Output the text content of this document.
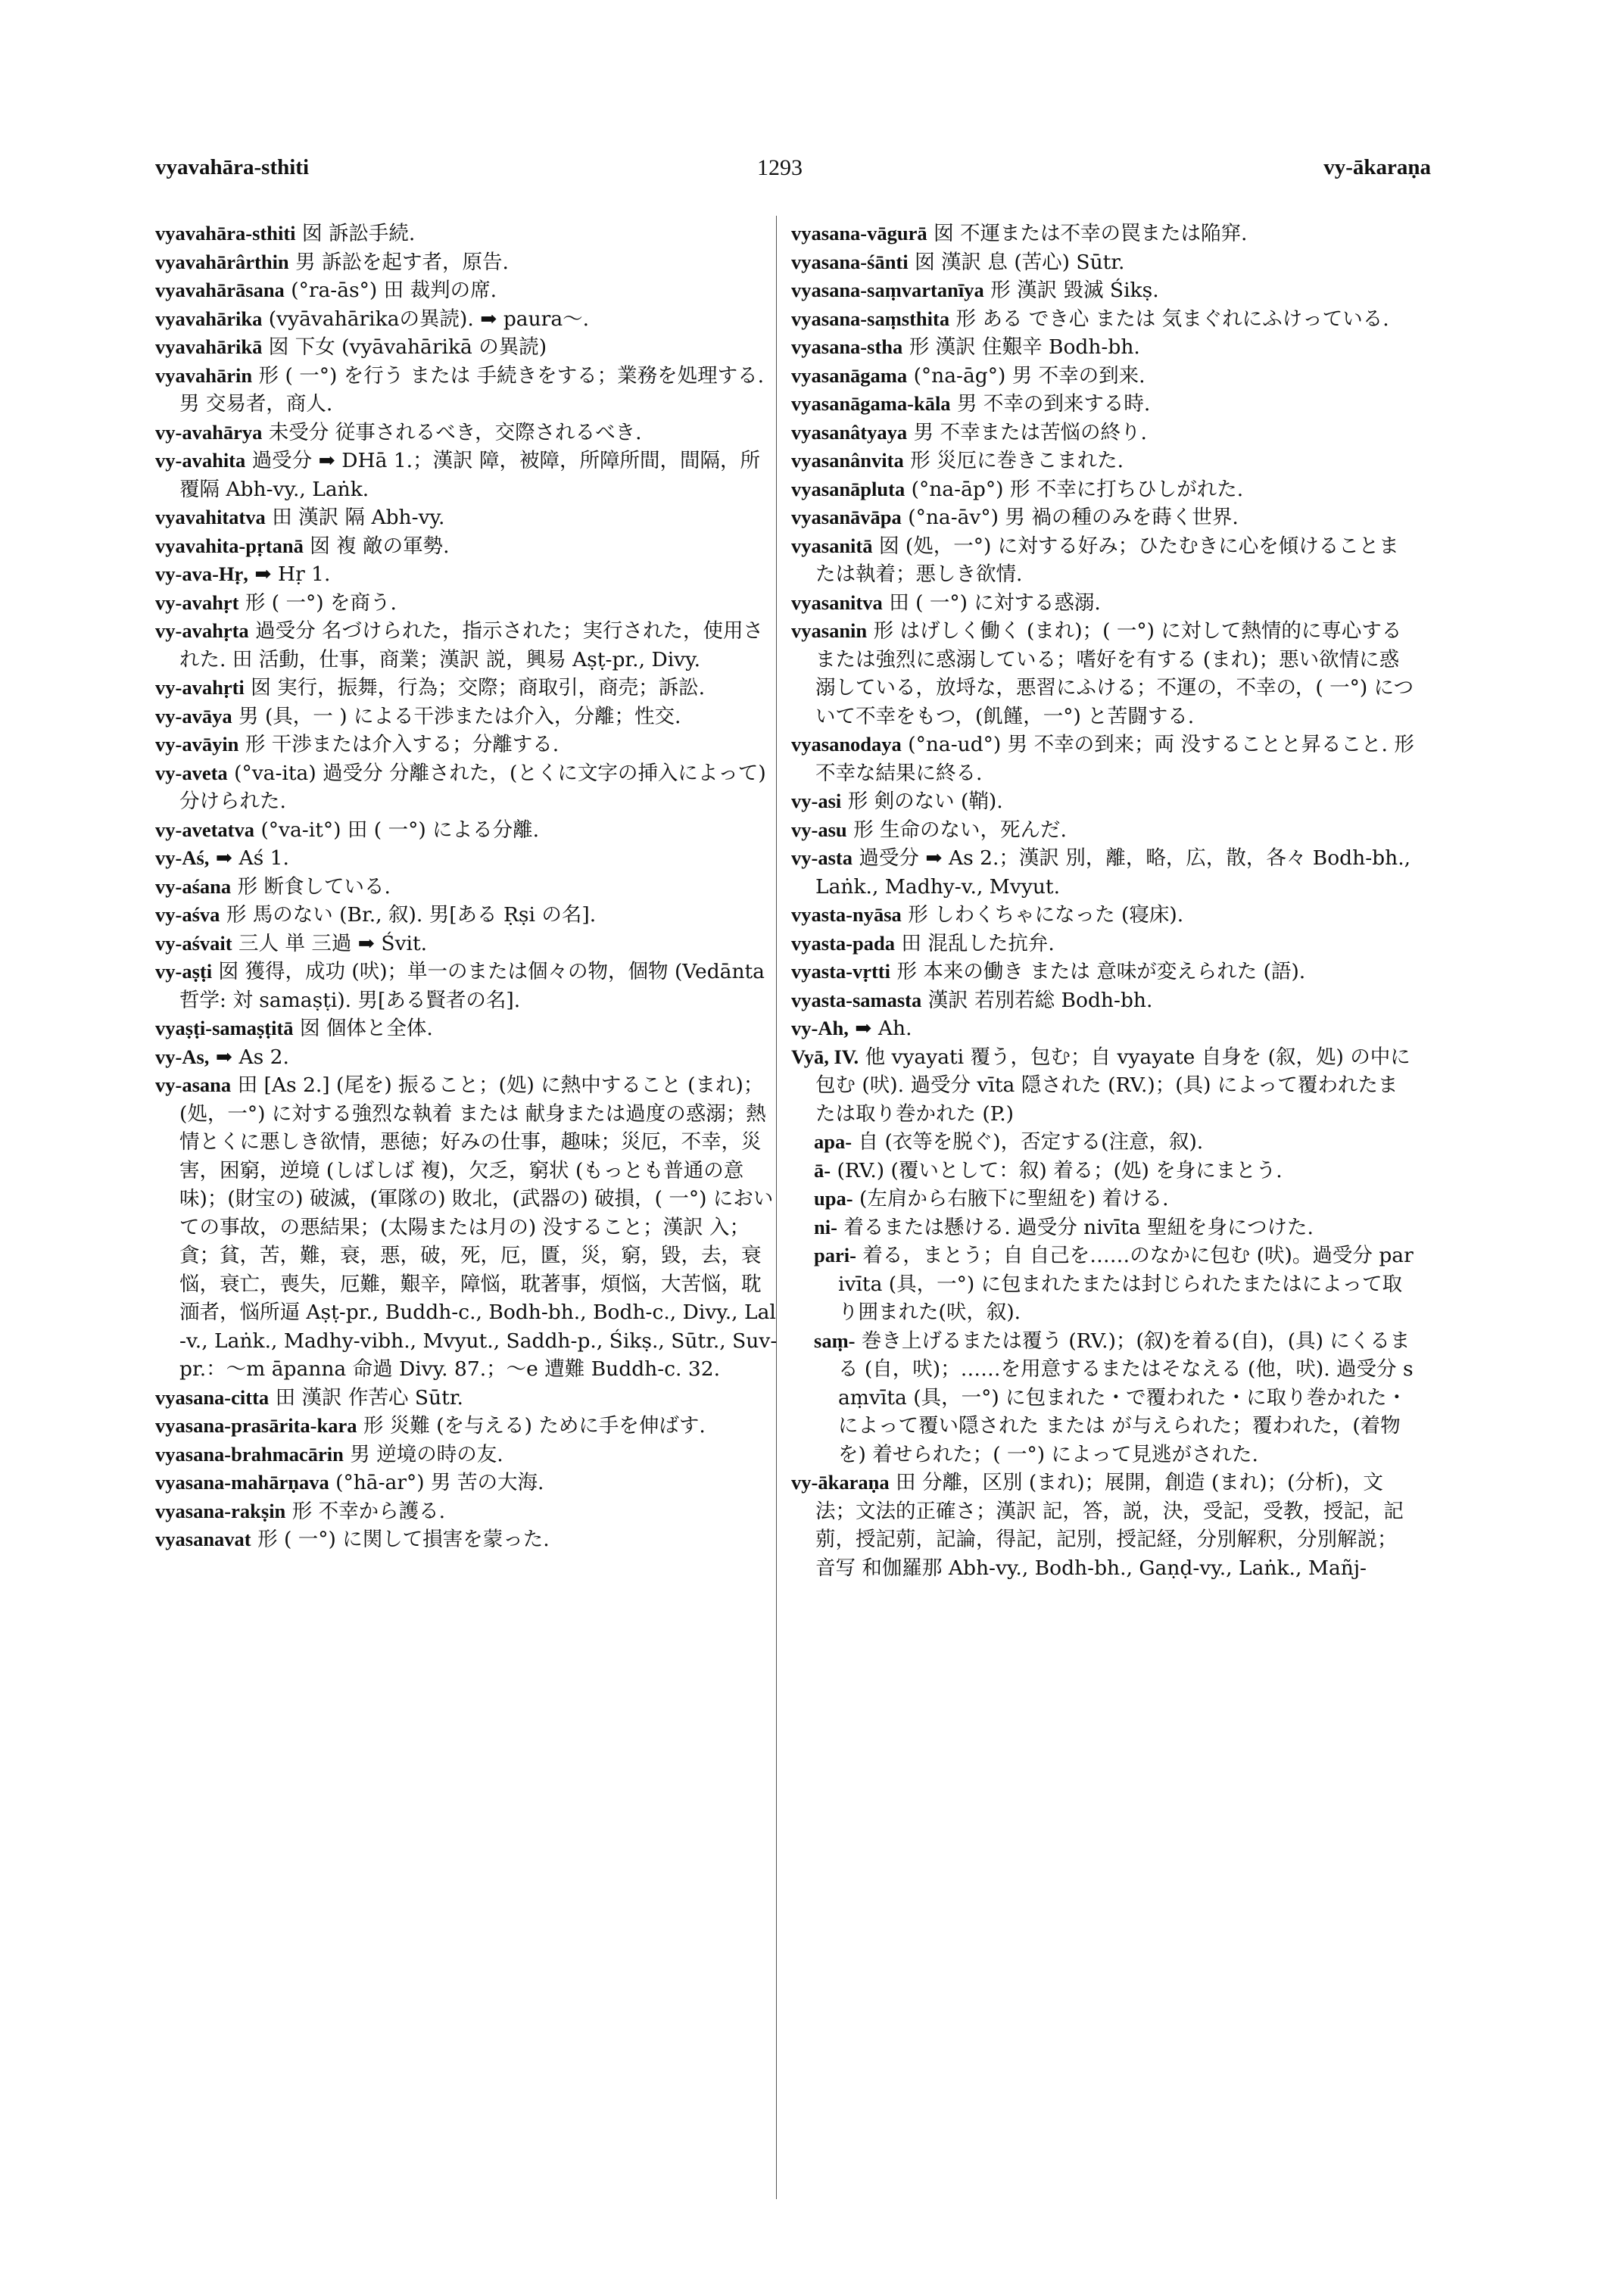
vyavahāra-sthiti	1293	vy-ākaraṇa

vyavahāra-sthiti 囡 訴訟手続.

vyavahārârthin 男 訴訟を起す者，原告.

vyavahārāsana (°ra-ās°) 田 裁判の席.

vyavahārika (vyāvahārikaの異読). ➡ paura～.

vyavahārikā 囡 下女 (vyāvahārikā の異読)

vyavahārin 形 ( 一°) を行う または 手続きをする；業務を処理する. 男 交易者，商人.

vy-avahārya 未受分 従事されるべき，交際されるべき.

vy-avahita 過受分 ➡ DHā 1.；漢訳 障，被障，所障所間，間隔，所覆隔 Abh-vy., Laṅk.

vyavahitatva 田 漢訳 隔 Abh-vy.

vyavahita-pṛtanā 囡 複 敵の軍勢.

vy-ava-Hṛ, ➡ Hṛ 1.

vy-avahṛt 形 ( 一°) を商う.

vy-avahṛta 過受分 名づけられた，指示された；実行された，使用された. 田 活動，仕事，商業；漢訳 説，興易 Aṣṭ-pr., Divy.

vy-avahṛti 囡 実行，振舞，行為；交際；商取引，商売；訴訟.

vy-avāya 男 (具，一 ) による干渉または介入，分離；性交.

vy-avāyin 形 干渉または介入する；分離する.

vy-aveta (°va-ita) 過受分 分離された，(とくに文字の挿入によって)分けられた.

vy-avetatva (°va-it°) 田 ( 一°) による分離.

vy-Aś, ➡ Aś 1.

vy-aśana 形 断食している.

vy-aśva 形 馬のない (Br., 叙). 男[ある Ṛṣi の名].

vy-aśvait 三人 単 三過 ➡ Śvit.

vy-aṣṭi 囡 獲得，成功 (吠)；単一のまたは個々の物，個物 (Vedānta 哲学: 対 samaṣṭi). 男[ある賢者の名].

vyaṣṭi-samaṣṭitā 囡 個体と全体.

vy-As, ➡ As 2.

vy-asana 田 [As 2.] (尾を) 振ること；(処) に熱中すること (まれ)；(処，一°) に対する強烈な執着 または 献身または過度の惑溺；熱情とくに悪しき欲情，悪徳；好みの仕事，趣味；災厄，不幸，災害，困窮，逆境 (しばしば 複)，欠乏，窮状 (もっとも普通の意味)；(財宝の) 破滅，(軍隊の) 敗北，(武器の) 破損，( 一°) においての事故，の悪結果；(太陽または月の) 没すること；漢訳 入；貪；貧，苦，難，衰，悪，破，死，厄，匱，災，窮，毀，去，衰悩，衰亡，喪失，厄難，艱辛，障悩，耽著事，煩悩，大苦悩，耽湎者，悩所逼 Aṣṭ-pr., Buddh-c., Bodh-bh., Bodh-c., Divy., Lal-v., Laṅk., Madhy-vibh., Mvyut., Saddh-p., Śikṣ., Sūtr., Suv-pr.：～m āpanna 命過 Divy. 87.；～e 遭難 Buddh-c. 32.

vyasana-citta 田 漢訳 作苦心 Sūtr.

vyasana-prasārita-kara 形 災難 (を与える) ために手を伸ばす.

vyasana-brahmacārin 男 逆境の時の友.

vyasana-mahārṇava (°hā-ar°) 男 苦の大海.

vyasana-rakṣin 形 不幸から護る.

vyasanavat 形 ( 一°) に関して損害を蒙った.

vyasana-vāgurā 囡 不運または不幸の罠または陥穽.

vyasana-śānti 囡 漢訳 息 (苦心) Sūtr.

vyasana-saṃvartanīya 形 漢訳 毀滅 Śikṣ.

vyasana-saṃsthita 形 ある でき心 または 気まぐれにふけっている.

vyasana-stha 形 漢訳 住艱辛 Bodh-bh.

vyasanāgama (°na-āg°) 男 不幸の到来.

vyasanāgama-kāla 男 不幸の到来する時.

vyasanâtyaya 男 不幸または苦悩の終り.

vyasanânvita 形 災厄に巻きこまれた.

vyasanāpluta (°na-āp°) 形 不幸に打ちひしがれた.

vyasanāvāpa (°na-āv°) 男 禍の種のみを蒔く世界.

vyasanitā 囡 (処，一°) に対する好み；ひたむきに心を傾けることまたは執着；悪しき欲情.

vyasanitva 田 ( 一°) に対する惑溺.

vyasanin 形 はげしく働く (まれ)；( 一°) に対して熱情的に専心するまたは強烈に惑溺している；嗜好を有する (まれ)；悪い欲情に惑溺している，放埒な，悪習にふける；不運の，不幸の，( 一°) について不幸をもつ，(飢饉，一°) と苦闘する.

vyasanodaya (°na-ud°) 男 不幸の到来；両 没することと昇ること. 形 不幸な結果に終る.

vy-asi 形 剣のない (鞘).

vy-asu 形 生命のない，死んだ.

vy-asta 過受分 ➡ As 2.；漢訳 別，離，略，広，散，各々 Bodh-bh., Laṅk., Madhy-v., Mvyut.

vyasta-nyāsa 形 しわくちゃになった (寝床).

vyasta-pada 田 混乱した抗弁.

vyasta-vṛtti 形 本来の働き または 意味が変えられた (語).

vyasta-samasta 漢訳 若別若総 Bodh-bh.

vy-Ah, ➡ Ah.

Vyā, IV. 他 vyayati 覆う，包む；自 vyayate 自身を (叙，処) の中に包む (吠). 過受分 vīta 隠された (RV.)；(具) によって覆われたまたは取り巻かれた (P.)

apa- 自 (衣等を脱ぐ)，否定する(注意，叙).

ā- (RV.) (覆いとして：叙) 着る；(処) を身にまとう.

upa- (左肩から右腋下に聖紐を) 着ける.

ni- 着るまたは懸ける. 過受分 nivīta 聖紐を身につけた.

pari- 着る，まとう；自 自己を……のなかに包む (吠)。過受分 parivīta (具，一°) に包まれたまたは封じられたまたはによって取り囲まれた(吠，叙).

saṃ- 巻き上げるまたは覆う (RV.)；(叙)を着る(自)，(具) にくるまる (自，吠)；……を用意するまたはそなえる (他，吠). 過受分 saṃvīta (具，一°) に包まれた・で覆われた・に取り巻かれた・によって覆い隠された または が与えられた；覆われた，(着物を) 着せられた；( 一°) によって見逃がされた.

vy-ākaraṇa 田 分離，区別 (まれ)；展開，創造 (まれ)；(分析)，文法；文法的正確さ；漢訳 記，答，説，決，受記，受教，授記，記莂，授記莂，記論，得記，記別，授記経，分別解釈，分別解説；音写 和伽羅那 Abh-vy., Bodh-bh., Gaṇḍ-vy., Laṅk., Mañj-
